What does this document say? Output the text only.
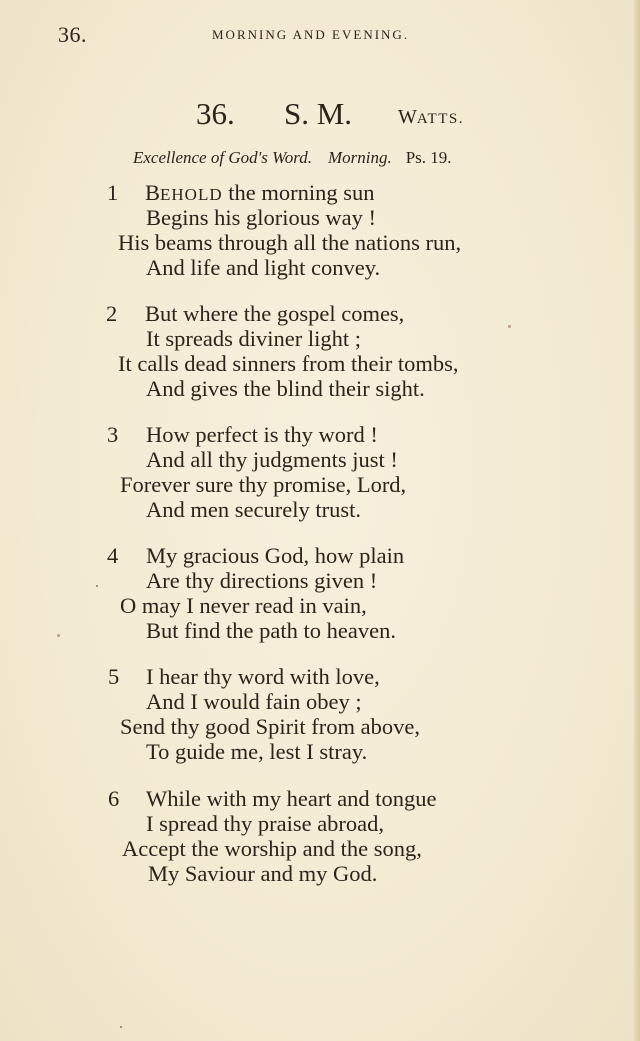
36.	MORNING AND EVENING.
36. S. M. WATTS.
Excellence of God's Word. Morning. Ps. 19.
1 BEHOLD the morning sun
Begins his glorious way !
His beams through all the nations run,
And life and light convey.
2 But where the gospel comes,
It spreads diviner light ;
It calls dead sinners from their tombs,
And gives the blind their sight.
3 How perfect is thy word !
And all thy judgments just !
Forever sure thy promise, Lord,
And men securely trust.
4 My gracious God, how plain
Are thy directions given !
O may I never read in vain,
But find the path to heaven.
5 I hear thy word with love,
And I would fain obey ;
Send thy good Spirit from above,
To guide me, lest I stray.
6 While with my heart and tongue
I spread thy praise abroad,
Accept the worship and the song,
My Saviour and my God.
